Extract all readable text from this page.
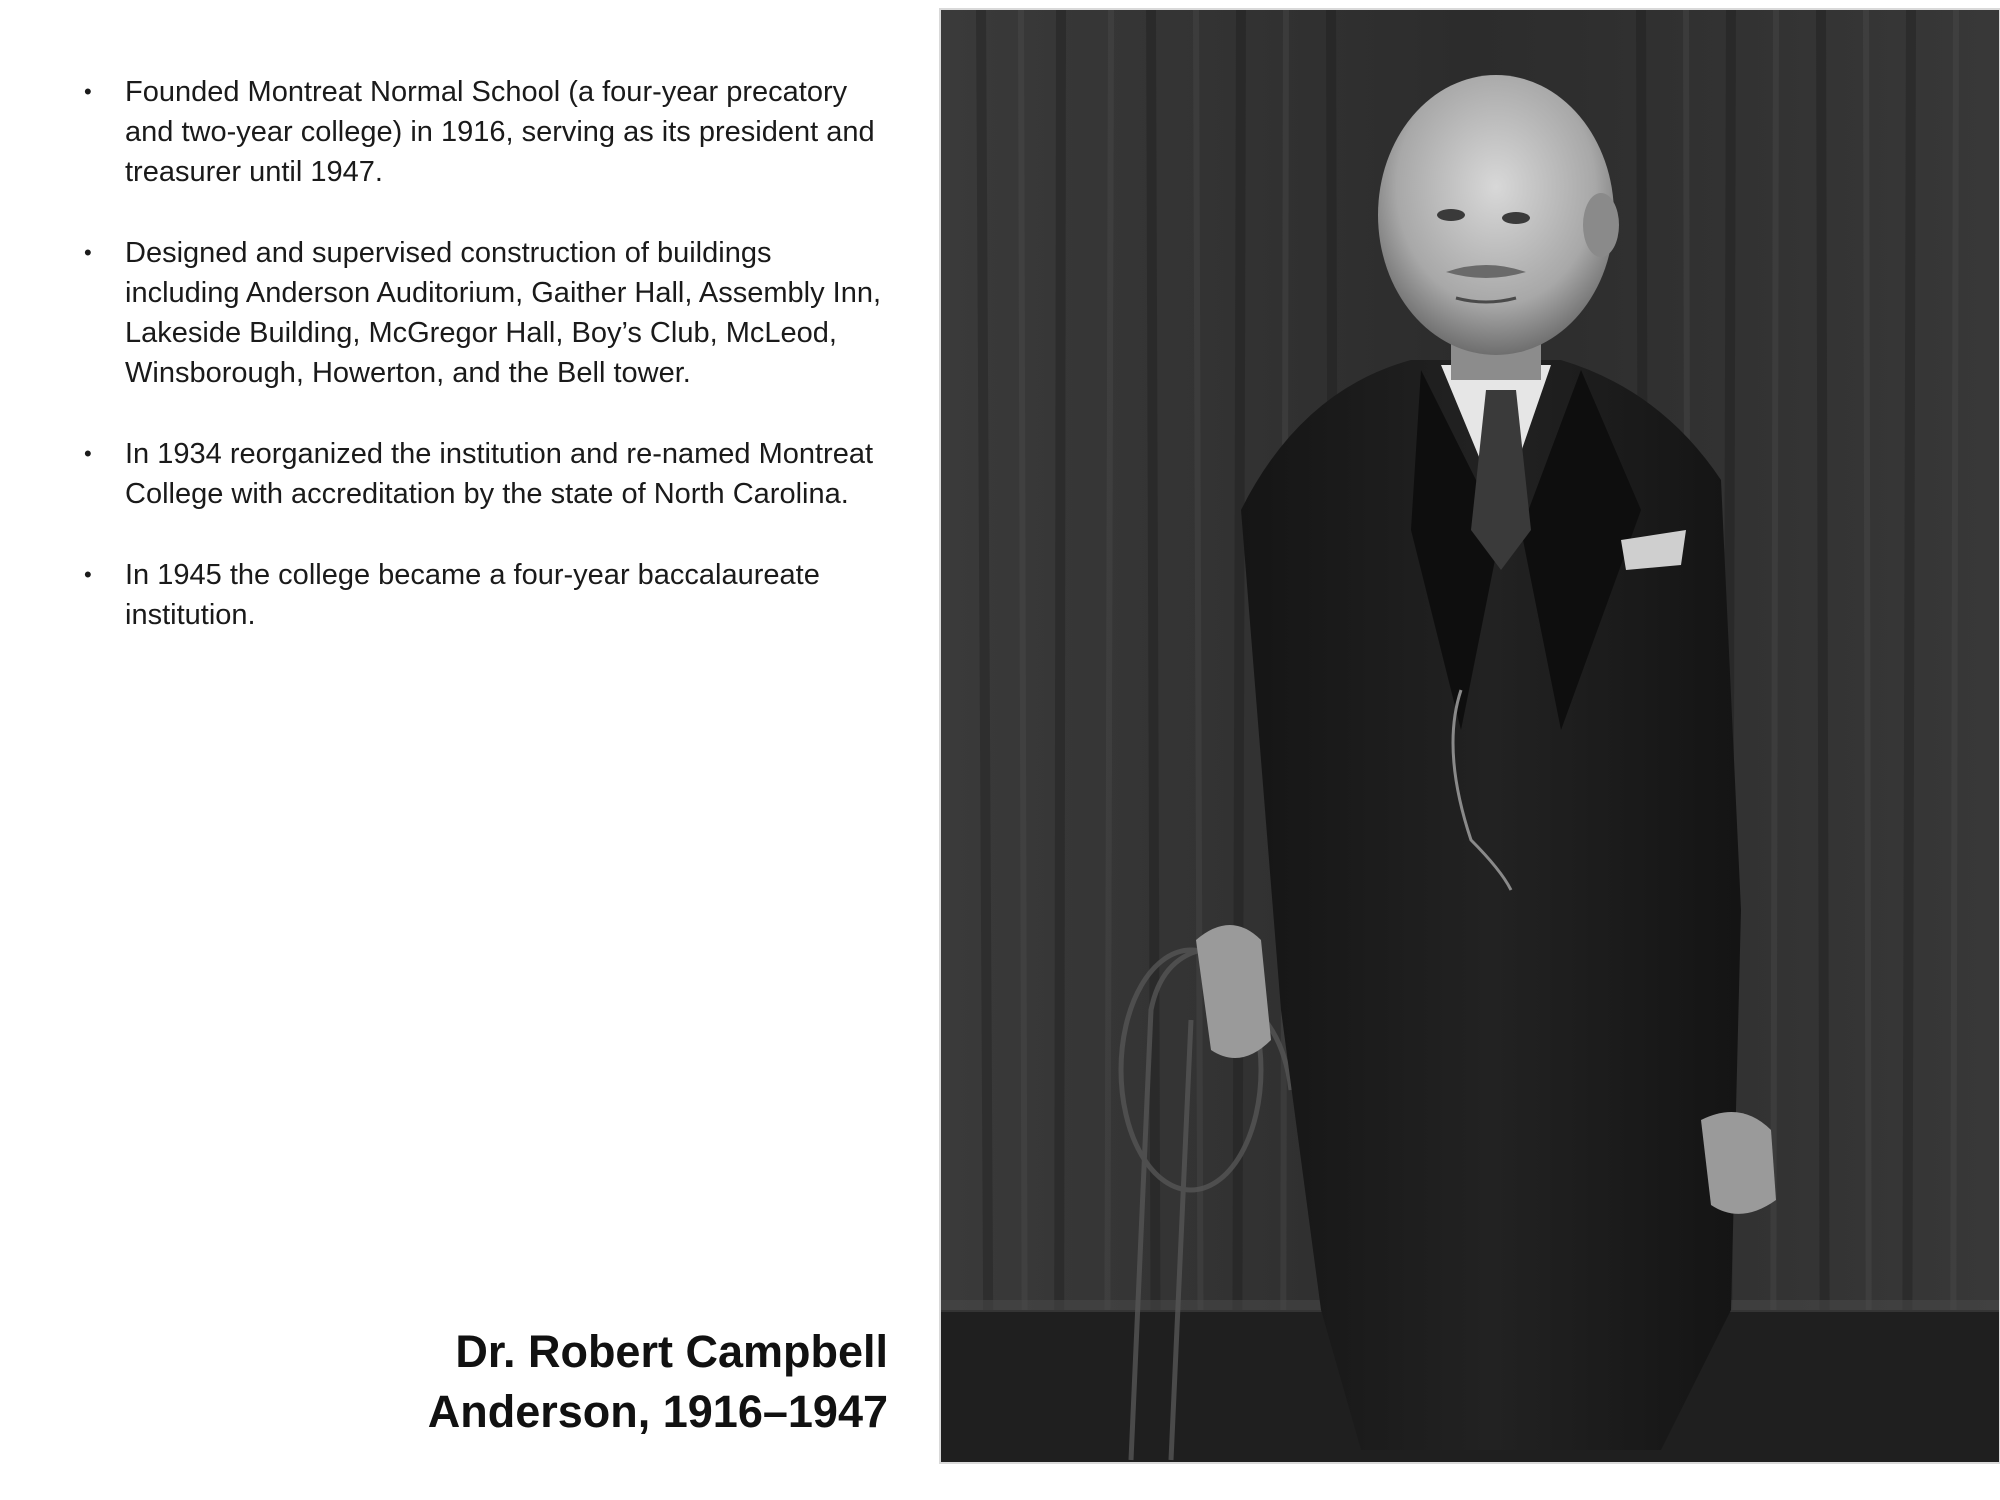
• Founded Montreat Normal School (a four-year precatory and two-year college) in 1916, serving as its president and treasurer until 1947.
• Designed and supervised construction of buildings including Anderson Auditorium, Gaither Hall, Assembly Inn, Lakeside Building, McGregor Hall, Boy’s Club, McLeod, Winsborough, Howerton, and the Bell tower.
• In 1934 reorganized the institution and re-named Montreat College with accreditation by the state of North Carolina.
• In 1945 the college became a four-year baccalaureate institution.
Dr. Robert Campbell
Anderson, 1916–1947
